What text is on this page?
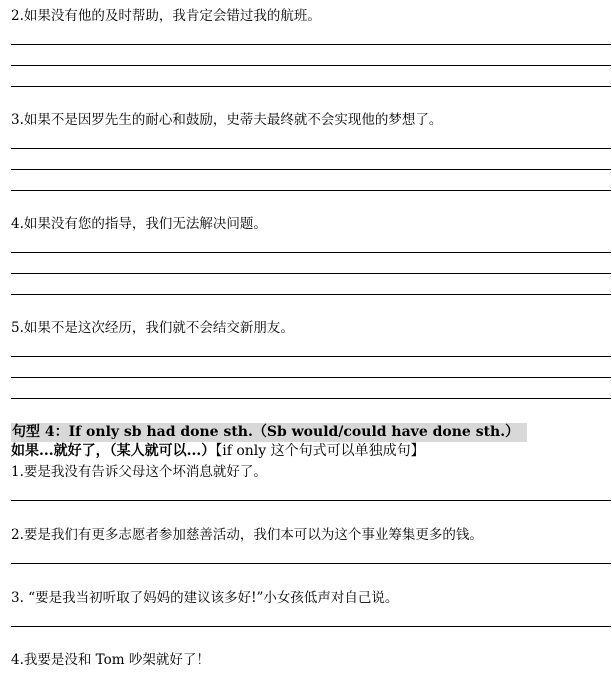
2.如果没有他的及时帮助，我肯定会错过我的航班。
3.如果不是因罗先生的耐心和鼓励，史蒂夫最终就不会实现他的梦想了。
4.如果没有您的指导，我们无法解决问题。
5.如果不是这次经历，我们就不会结交新朋友。
句型 4：If only sb had done sth.（Sb would/could have done sth.）
如果...就好了，（某人就可以...）【if only 这个句式可以单独成句】
1.要是我没有告诉父母这个坏消息就好了。
2.要是我们有更多志愿者参加慈善活动，我们本可以为这个事业筹集更多的钱。
3. “要是我当初听取了妈妈的建议该多好!”小女孩低声对自己说。
4.我要是没和 Tom 吵架就好了！
